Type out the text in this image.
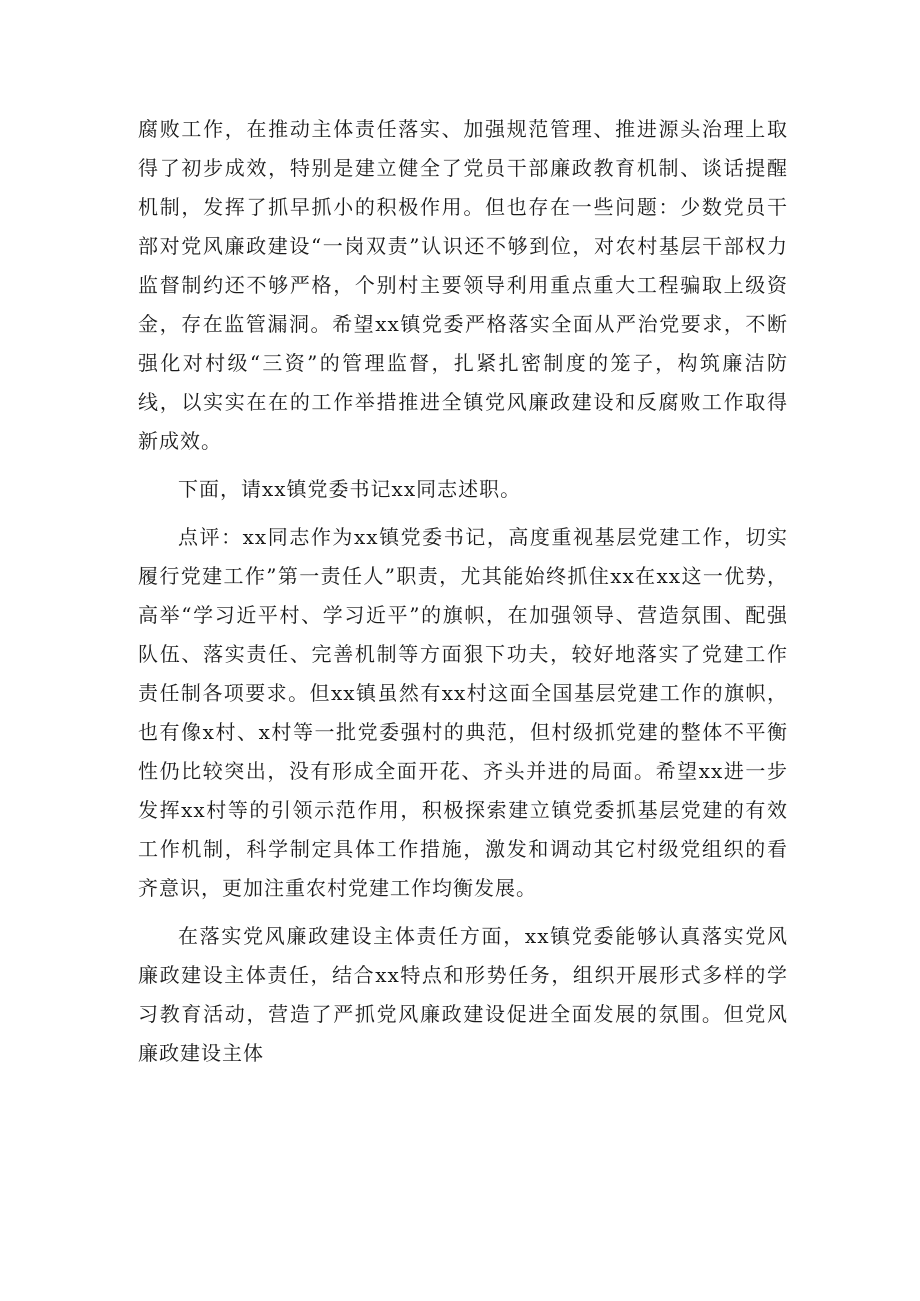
腐败工作，在推动主体责任落实、加强规范管理、推进源头治理上取得了初步成效，特别是建立健全了党员干部廉政教育机制、谈话提醒机制，发挥了抓早抓小的积极作用。但也存在一些问题：少数党员干部对党风廉政建设“一岗双责”认识还不够到位，对农村基层干部权力监督制约还不够严格，个别村主要领导利用重点重大工程骗取上级资金，存在监管漏洞。希望xx镇党委严格落实全面从严治党要求，不断强化对村级“三资”的管理监督，扎紧扎密制度的笼子，构筑廉洁防线，以实实在在的工作举措推进全镇党风廉政建设和反腐败工作取得新成效。

下面，请xx镇党委书记xx同志述职。

点评：xx同志作为xx镇党委书记，高度重视基层党建工作，切实履行党建工作”第一责任人”职责，尤其能始终抓住xx在xx这一优势，高举“学习近平村、学习近平”的旗帜，在加强领导、营造氛围、配强队伍、落实责任、完善机制等方面狠下功夫，较好地落实了党建工作责任制各项要求。但xx镇虽然有xx村这面全国基层党建工作的旗帜，也有像x村、x村等一批党委强村的典范，但村级抓党建的整体不平衡性仍比较突出，没有形成全面开花、齐头并进的局面。希望xx进一步发挥xx村等的引领示范作用，积极探索建立镇党委抓基层党建的有效工作机制，科学制定具体工作措施，激发和调动其它村级党组织的看齐意识，更加注重农村党建工作均衡发展。

在落实党风廉政建设主体责任方面，xx镇党委能够认真落实党风廉政建设主体责任，结合xx特点和形势任务，组织开展形式多样的学习教育活动，营造了严抓党风廉政建设促进全面发展的氛围。但党风廉政建设主体
